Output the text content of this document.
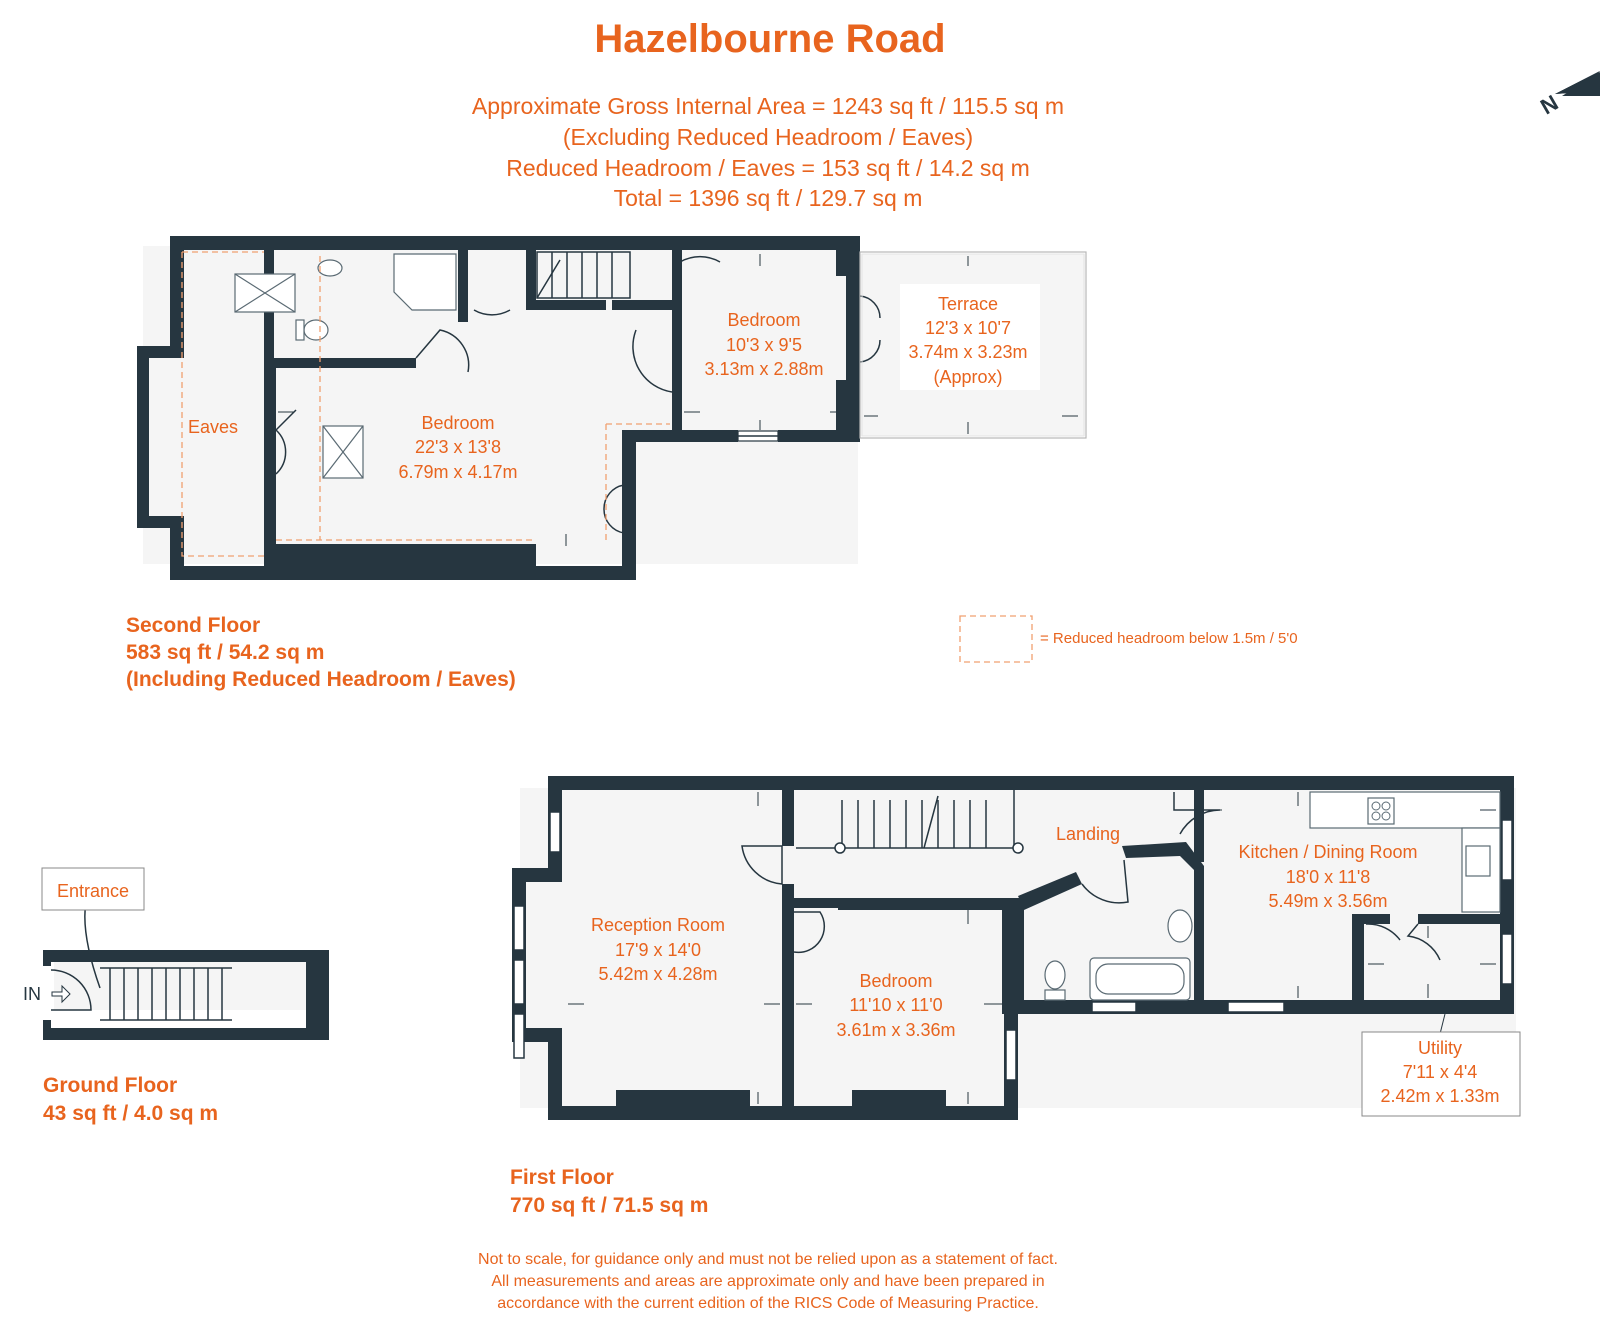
Hazelbourne Road
Approximate Gross Internal Area = 1243 sq ft / 115.5 sq m
(Excluding Reduced Headroom / Eaves)
Reduced Headroom / Eaves = 153 sq ft / 14.2 sq m
Total = 1396 sq ft / 129.7 sq m
N
Eaves	Bedroom
22'3 x 13'8
6.79m x 4.17m
Bedroom
10'3 x 9'5
3.13m x 2.88m
Terrace
12'3 x 10'7
3.74m x 3.23m
(Approx)
Second Floor
583 sq ft / 54.2 sq m
(Including Reduced Headroom / Eaves)
= Reduced headroom below 1.5m / 5'0
Entrance
IN
Ground Floor
43 sq ft / 4.0 sq m
Landing
Reception Room
17'9 x 14'0
5.42m x 4.28m	Bedroom
11'10 x 11'0
3.61m x 3.36m
Kitchen / Dining Room
18'0 x 11'8
5.49m x 3.56m
Utility
7'11 x 4'4
2.42m x 1.33m
First Floor
770 sq ft / 71.5 sq m
Not to scale, for guidance only and must not be relied upon as a statement of fact.
All measurements and areas are approximate only and have been prepared in
accordance with the current edition of the RICS Code of Measuring Practice.
